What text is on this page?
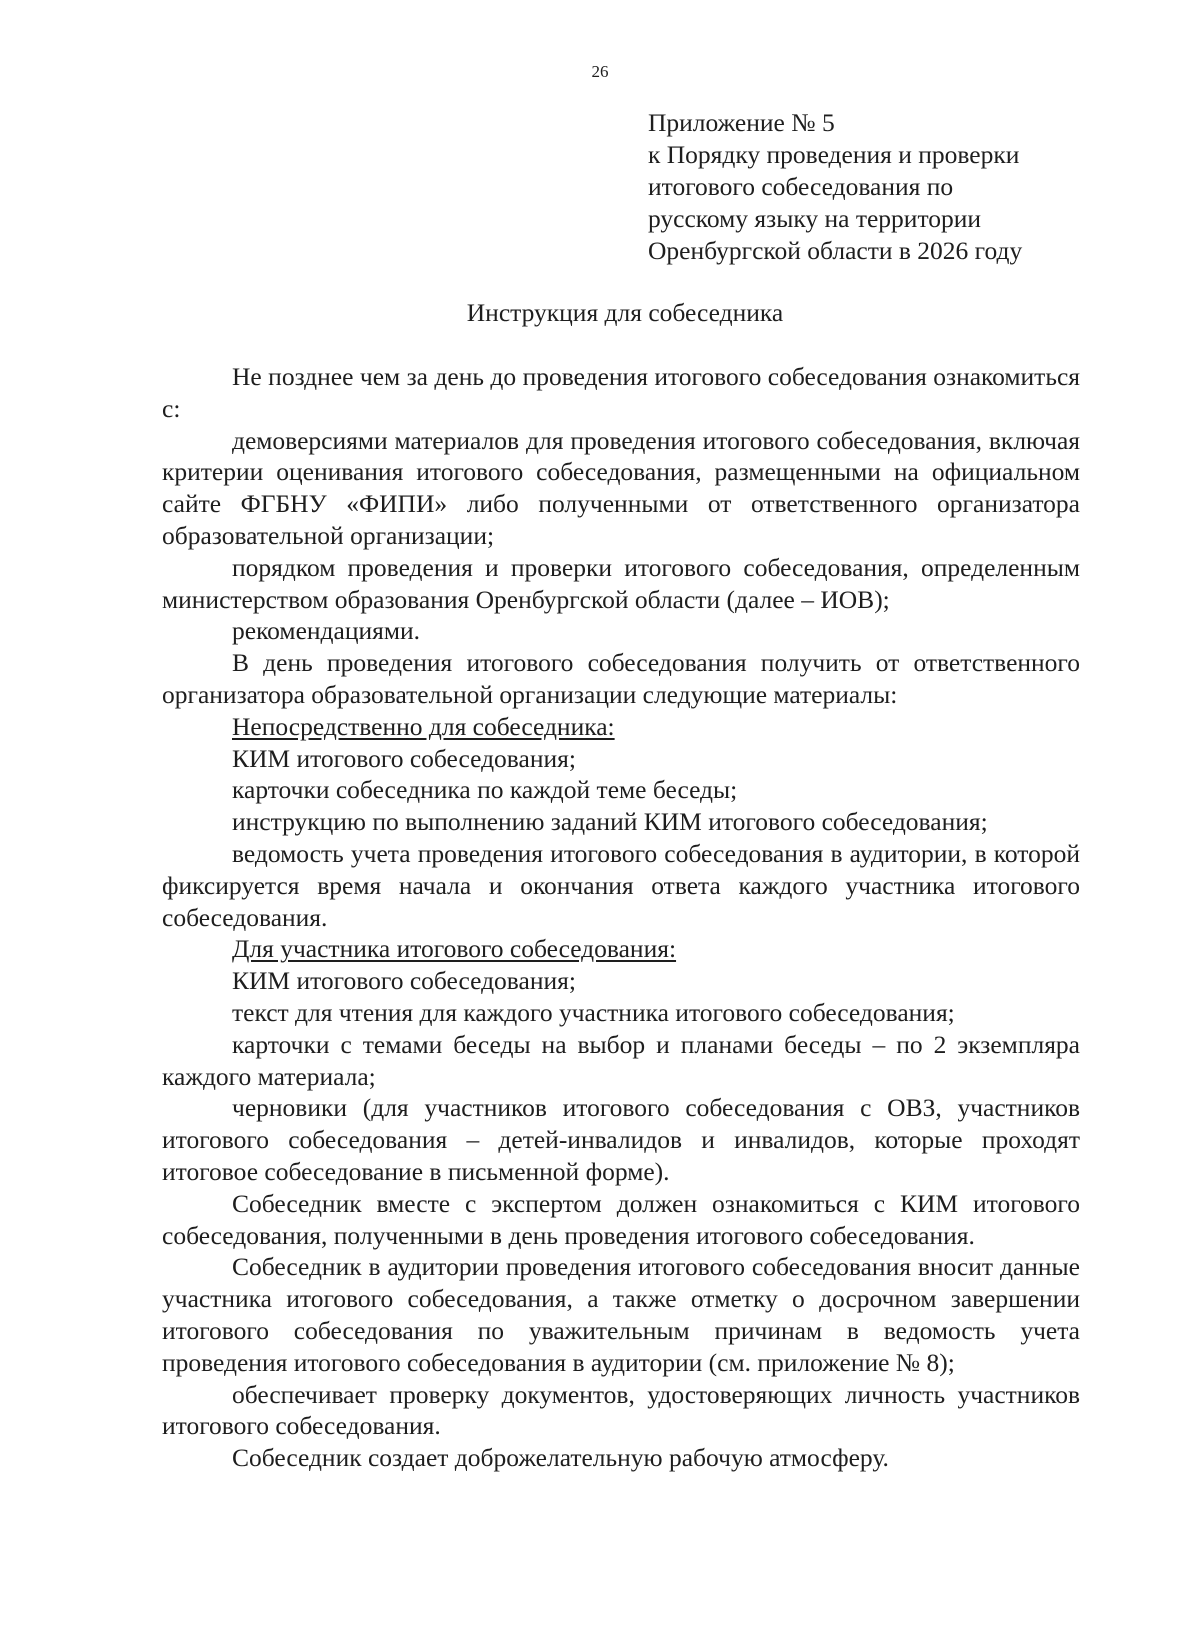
26
Приложение № 5
к Порядку проведения и проверки
итогового собеседования по
русскому языку на территории
Оренбургской области в 2026 году
Инструкция для собеседника

Не позднее чем за день до проведения итогового собеседования ознакомиться с:

демоверсиями материалов для проведения итогового собеседования, включая критерии оценивания итогового собеседования, размещенными на официальном сайте ФГБНУ «ФИПИ» либо полученными от ответственного организатора образовательной организации;

порядком проведения и проверки итогового собеседования, определенным министерством образования Оренбургской области (далее – ИОВ);

рекомендациями.

В день проведения итогового собеседования получить от ответственного организатора образовательной организации следующие материалы:

Непосредственно для собеседника:

КИМ итогового собеседования;

карточки собеседника по каждой теме беседы;

инструкцию по выполнению заданий КИМ итогового собеседования;

ведомость учета проведения итогового собеседования в аудитории, в которой фиксируется время начала и окончания ответа каждого участника итогового собеседования.

Для участника итогового собеседования:

КИМ итогового собеседования;

текст для чтения для каждого участника итогового собеседования;

карточки с темами беседы на выбор и планами беседы – по 2 экземпляра каждого материала;

черновики (для участников итогового собеседования с ОВЗ, участников итогового собеседования – детей-инвалидов и инвалидов, которые проходят итоговое собеседование в письменной форме).

Собеседник вместе с экспертом должен ознакомиться с КИМ итогового собеседования, полученными в день проведения итогового собеседования.

Собеседник в аудитории проведения итогового собеседования вносит данные участника итогового собеседования, а также отметку о досрочном завершении итогового собеседования по уважительным причинам в ведомость учета проведения итогового собеседования в аудитории (см. приложение № 8);

обеспечивает проверку документов, удостоверяющих личность участников итогового собеседования.

Собеседник создает доброжелательную рабочую атмосферу.
